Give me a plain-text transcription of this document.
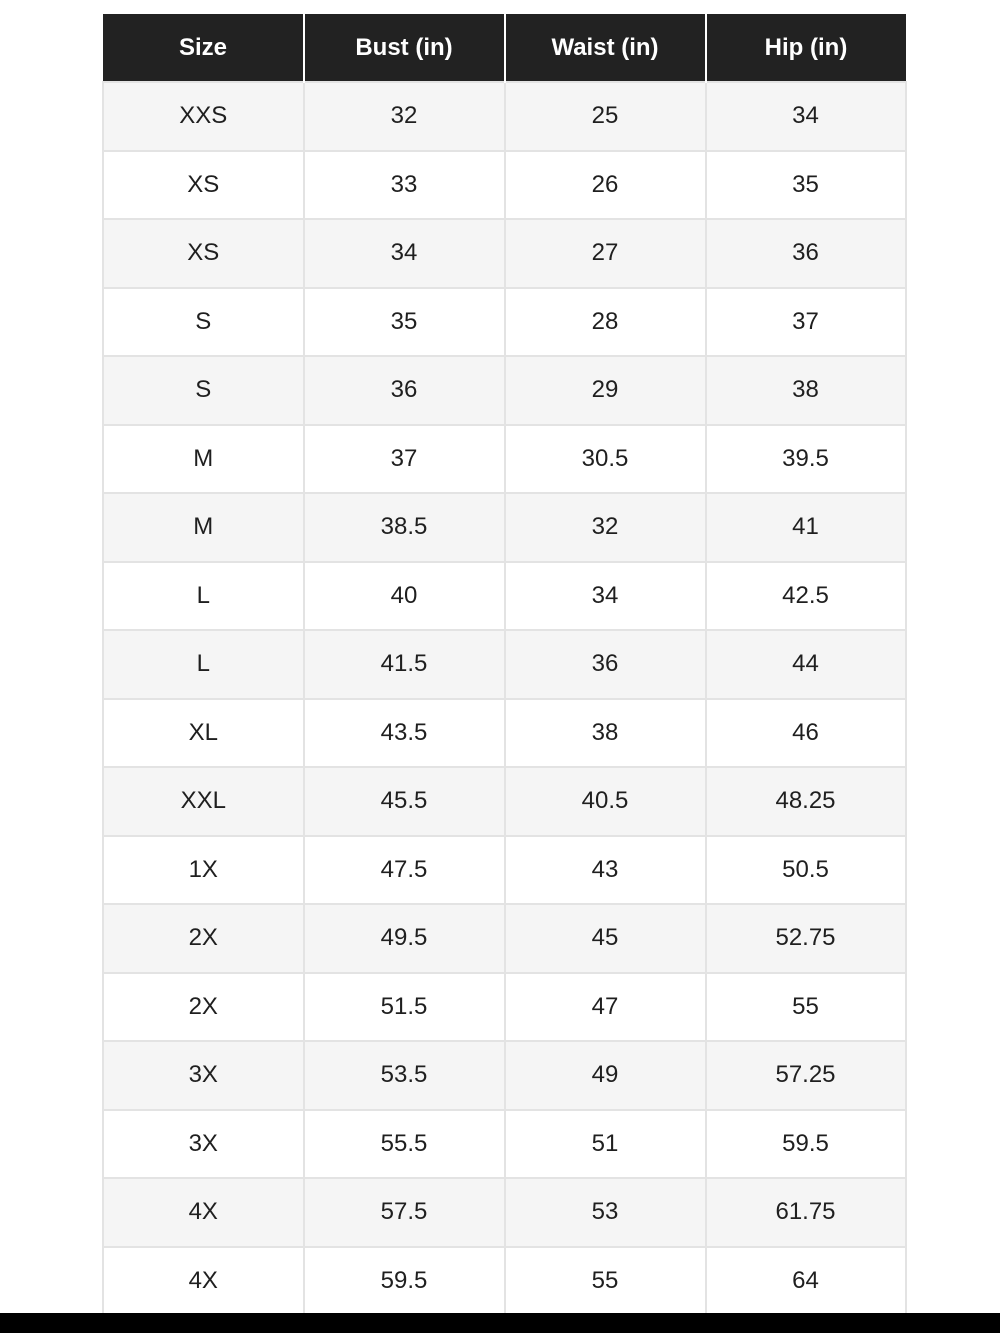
Size	Bust (in)	Waist (in)	Hip (in)
XXS	32	25	34
XS	33	26	35
XS	34	27	36
S	35	28	37
S	36	29	38
M	37	30.5	39.5
M	38.5	32	41
L	40	34	42.5
L	41.5	36	44
XL	43.5	38	46
XXL	45.5	40.5	48.25
1X	47.5	43	50.5
2X	49.5	45	52.75
2X	51.5	47	55
3X	53.5	49	57.25
3X	55.5	51	59.5
4X	57.5	53	61.75
4X	59.5	55	64
